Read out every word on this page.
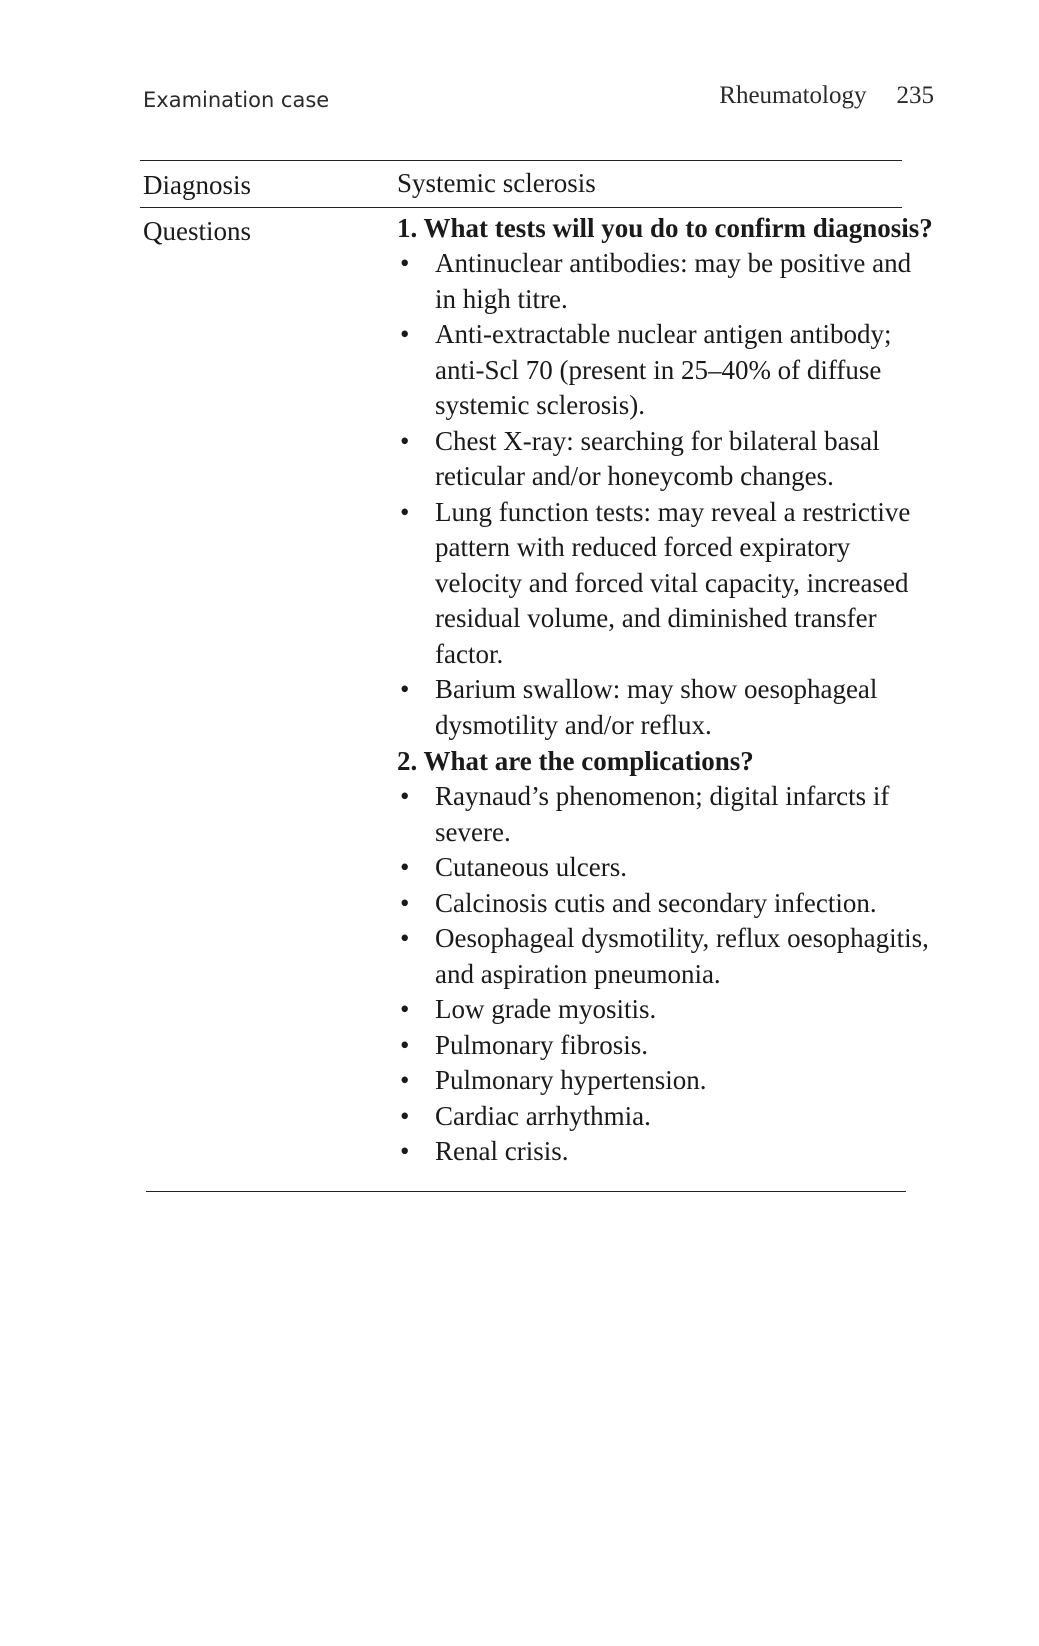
Examination case	Rheumatology 235
Diagnosis	Systemic sclerosis
Questions	1. What tests will you do to confirm diagnosis?

• Antinuclear antibodies: may be positive and in high titre.
• Anti-extractable nuclear antigen antibody; anti-Scl 70 (present in 25–40% of diffuse systemic sclerosis).
• Chest X-ray: searching for bilateral basal reticular and/or honeycomb changes.
• Lung function tests: may reveal a restrictive pattern with reduced forced expiratory velocity and forced vital capacity, increased residual volume, and diminished transfer factor.
• Barium swallow: may show oesophageal dysmotility and/or reflux.

2. What are the complications?

• Raynaud’s phenomenon; digital infarcts if severe.
• Cutaneous ulcers.
• Calcinosis cutis and secondary infection.
• Oesophageal dysmotility, reflux oesophagitis, and aspiration pneumonia.
• Low grade myositis.
• Pulmonary fibrosis.
• Pulmonary hypertension.
• Cardiac arrhythmia.
• Renal crisis.
